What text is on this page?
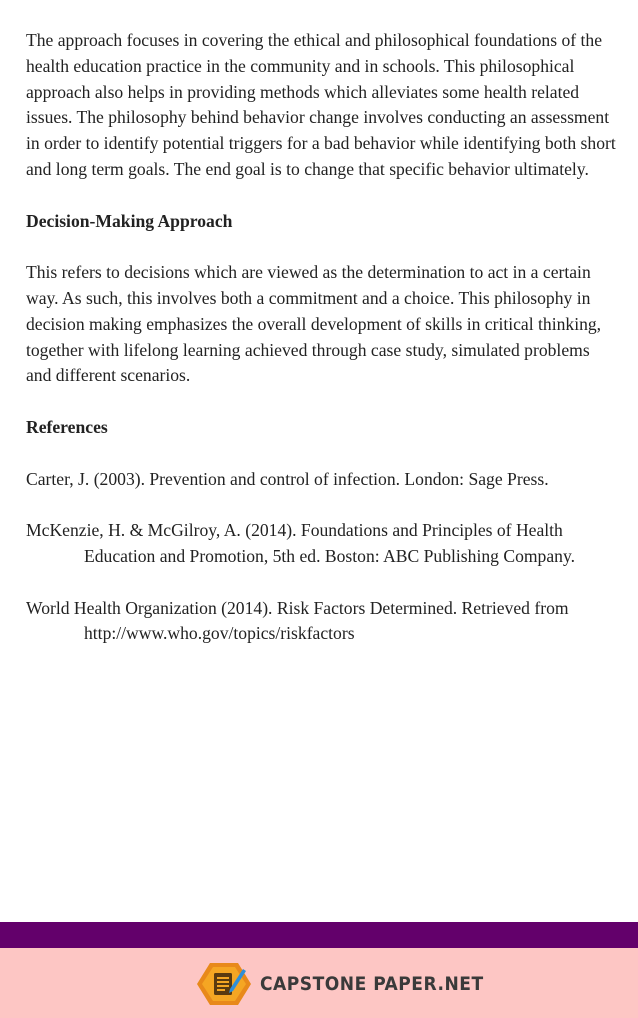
The approach focuses in covering the ethical and philosophical foundations of the health education practice in the community and in schools. This philosophical approach also helps in providing methods which alleviates some health related issues. The philosophy behind behavior change involves conducting an assessment in order to identify potential triggers for a bad behavior while identifying both short and long term goals. The end goal is to change that specific behavior ultimately.

Decision-Making Approach

This refers to decisions which are viewed as the determination to act in a certain way. As such, this involves both a commitment and a choice. This philosophy in decision making emphasizes the overall development of skills in critical thinking, together with lifelong learning achieved through case study, simulated problems and different scenarios.

References

Carter, J. (2003). Prevention and control of infection. London: Sage Press.

McKenzie, H. & McGilroy, A. (2014). Foundations and Principles of Health Education and Promotion, 5th ed. Boston: ABC Publishing Company.

World Health Organization (2014). Risk Factors Determined. Retrieved from http://www.who.gov/topics/riskfactors

CAPSTONE PAPER.NET
